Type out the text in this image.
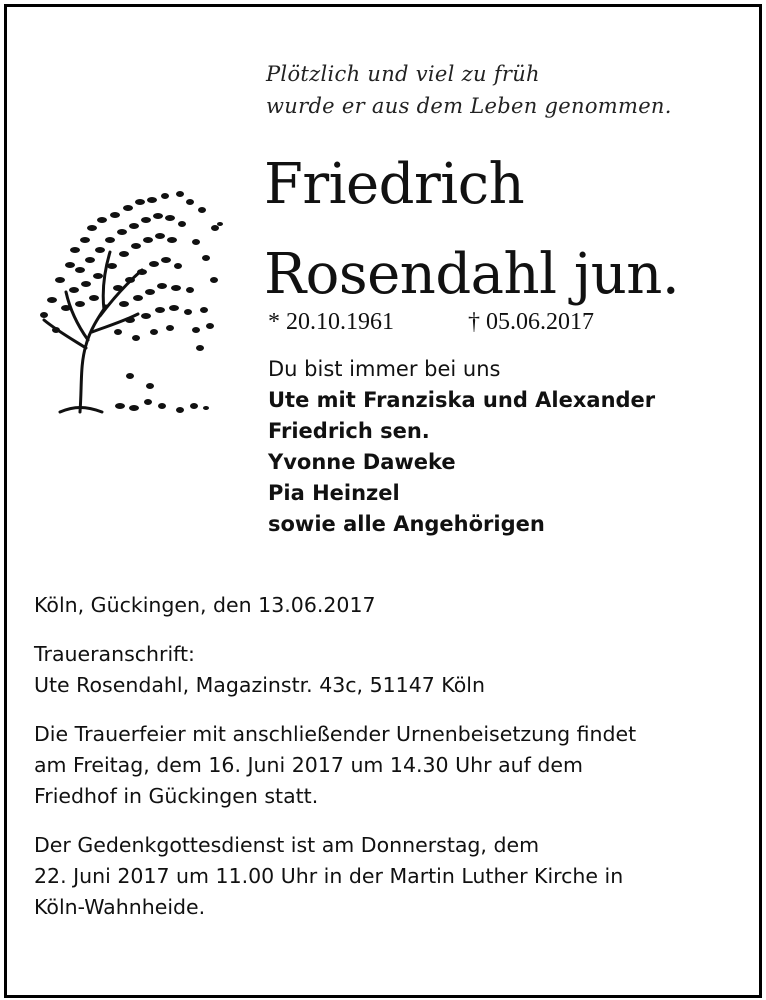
Plötzlich und viel zu früh
wurde er aus dem Leben genommen.
Friedrich
Rosendahl jun.
* 20.10.1961	† 05.06.2017
Du bist immer bei uns
Ute mit Franziska und Alexander
Friedrich sen.
Yvonne Daweke
Pia Heinzel
sowie alle Angehörigen

Köln, Gückingen, den 13.06.2017

Traueranschrift:
Ute Rosendahl, Magazinstr. 43c, 51147 Köln

Die Trauerfeier mit anschließender Urnenbeisetzung findet
am Freitag, dem 16. Juni 2017 um 14.30 Uhr auf dem
Friedhof in Gückingen statt.

Der Gedenkgottesdienst ist am Donnerstag, dem
22. Juni 2017 um 11.00 Uhr in der Martin Luther Kirche in
Köln-Wahnheide.
